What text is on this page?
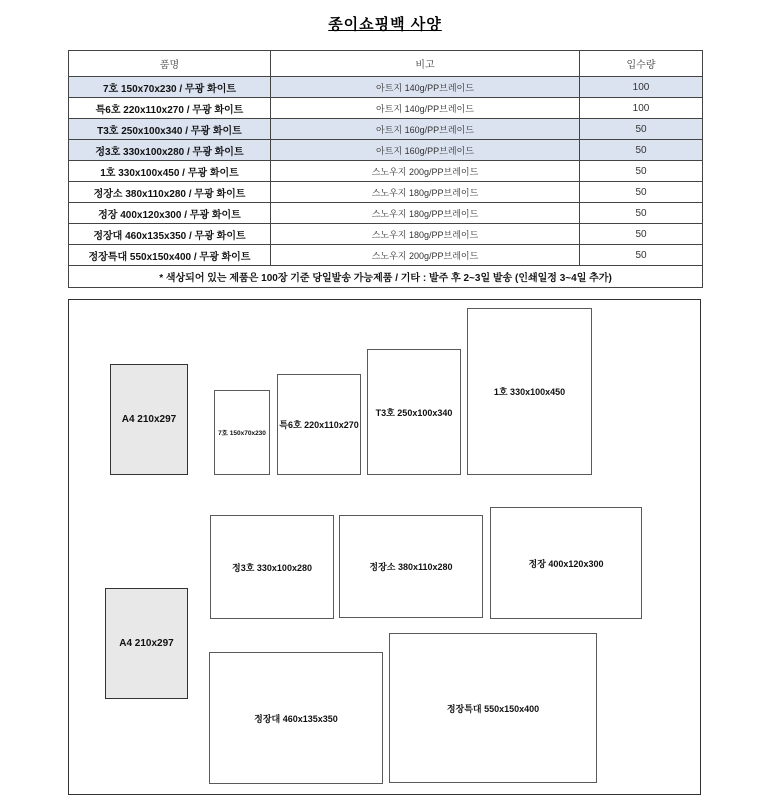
종이쇼핑백 사양
품명	비고	입수량
7호 150x70x230 / 무광 화이트	아트지 140g/PP브레이드	100
특6호 220x110x270 / 무광 화이트	아트지 140g/PP브레이드	100
T3호 250x100x340 / 무광 화이트	아트지 160g/PP브레이드	50
정3호 330x100x280 / 무광 화이트	아트지 160g/PP브레이드	50
1호 330x100x450 / 무광 화이트	스노우지 200g/PP브레이드	50
정장소 380x110x280 / 무광 화이트	스노우지 180g/PP브레이드	50
정장 400x120x300 / 무광 화이트	스노우지 180g/PP브레이드	50
정장대 460x135x350 / 무광 화이트	스노우지 180g/PP브레이드	50
정장특대 550x150x400 / 무광 화이트	스노우지 200g/PP브레이드	50
* 색상되어 있는 제품은 100장 기준 당일발송 가능제품 / 기타 : 발주 후 2~3일 발송 (인쇄일정 3~4일 추가)		
A4 210x297
7호 150x70x230
특6호 220x110x270
T3호 250x100x340
1호 330x100x450
정3호 330x100x280	정장소 380x110x280	정장 400x120x300
A4 210x297
정장대 460x135x350
정장특대 550x150x400
